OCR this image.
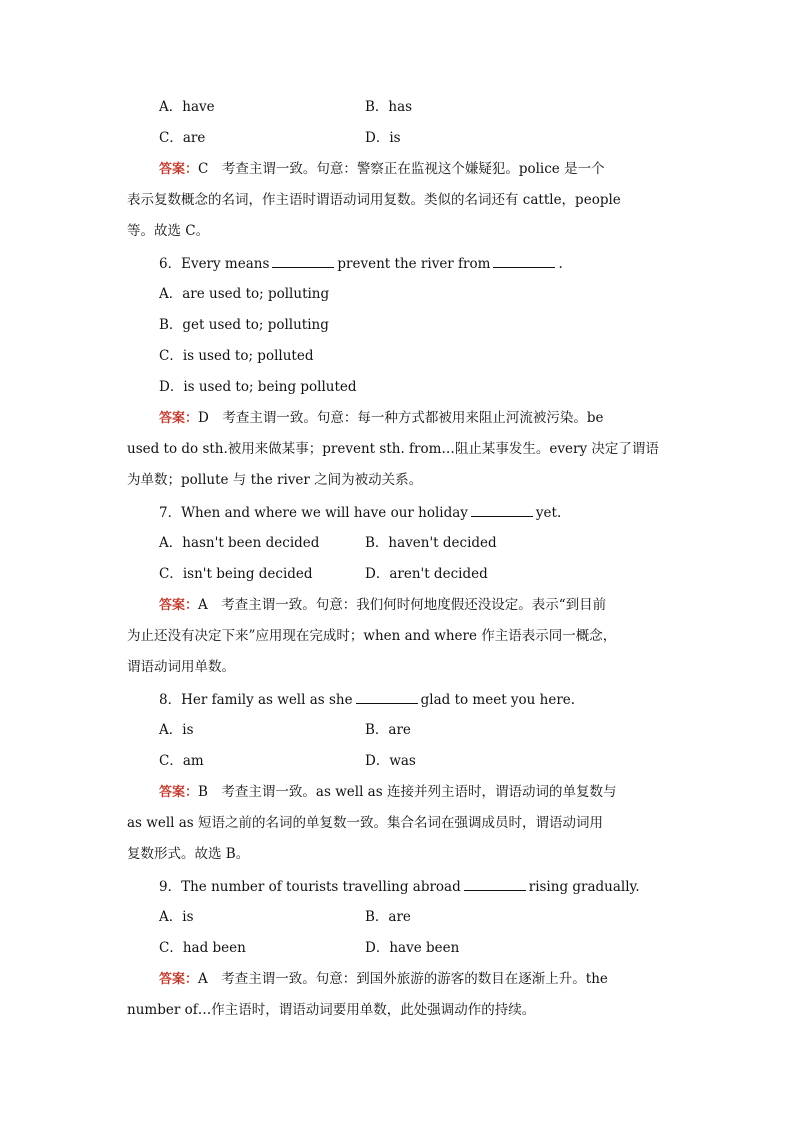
A．have	B．has
C．are	D．is
答案：C　考查主谓一致。句意：警察正在监视这个嫌疑犯。police 是一个
表示复数概念的名词，作主语时谓语动词用复数。类似的名词还有 cattle，people
等。故选 C。
6．Every means	prevent the river from	.
A．are used to; polluting
B．get used to; polluting
C．is used to; polluted
D．is used to; being polluted
答案：D　考查主谓一致。句意：每一种方式都被用来阻止河流被污染。be
used to do sth.被用来做某事；prevent sth. from…阻止某事发生。every 决定了谓语
为单数；pollute 与 the river 之间为被动关系。
7．When and where we will have our holiday	yet.
A．hasn't been decided	B．haven't decided
C．isn't being decided	D．aren't decided
答案：A　考查主谓一致。句意：我们何时何地度假还没设定。表示“到目前
为止还没有决定下来”应用现在完成时；when and where 作主语表示同一概念，
谓语动词用单数。
8．Her family as well as she	glad to meet you here.
A．is	B．are
C．am	D．was
答案：B　考查主谓一致。as well as 连接并列主语时，谓语动词的单复数与
as well as 短语之前的名词的单复数一致。集合名词在强调成员时，谓语动词用
复数形式。故选 B。
9．The number of tourists travelling abroad	rising gradually.
A．is	B．are
C．had been	D．have been
答案：A　考查主谓一致。句意：到国外旅游的游客的数目在逐渐上升。the
number of…作主语时，谓语动词要用单数，此处强调动作的持续。
